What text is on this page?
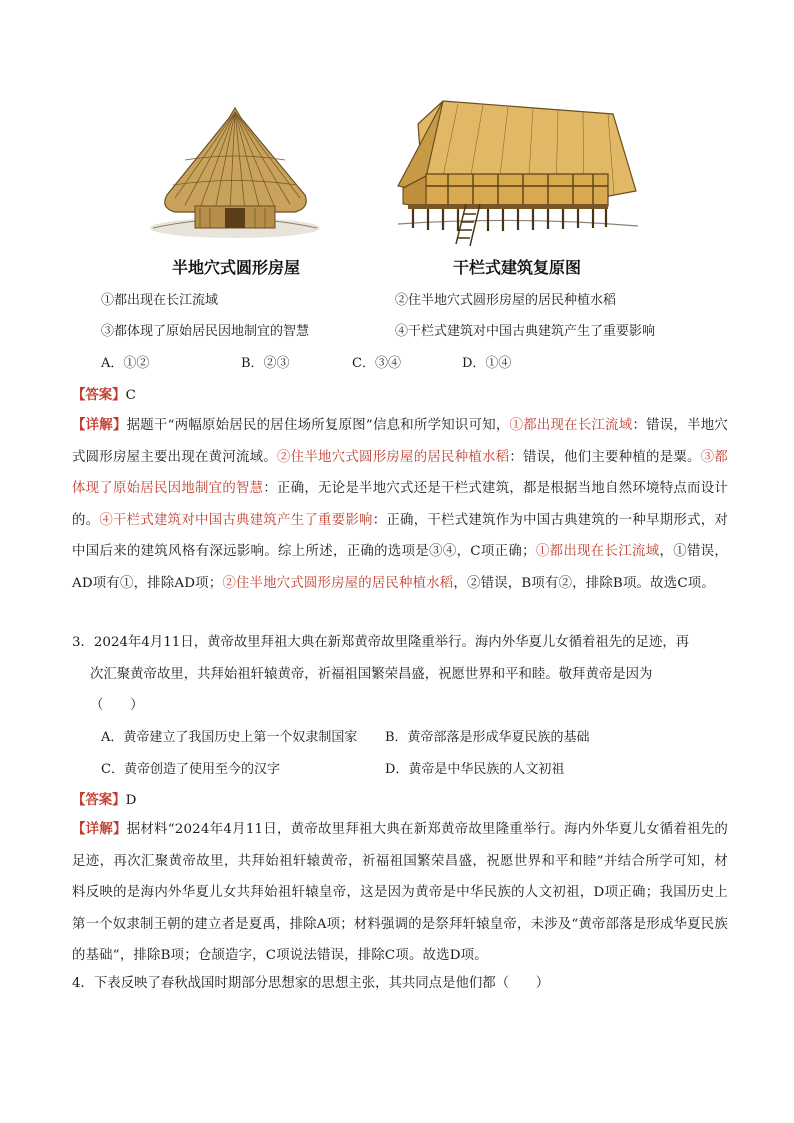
半地穴式圆形房屋	干栏式建筑复原图
①都出现在长江流域	②住半地穴式圆形房屋的居民种植水稻
③都体现了原始居民因地制宜的智慧	④干栏式建筑对中国古典建筑产生了重要影响
A．①②	B．②③	C．③④	D．①④
【答案】C
【详解】据题干“两幅原始居民的居住场所复原图”信息和所学知识可知，①都出现在长江流域：错误，半地穴式圆形房屋主要出现在黄河流域。②住半地穴式圆形房屋的居民种植水稻：错误，他们主要种植的是粟。③都体现了原始居民因地制宜的智慧：正确，无论是半地穴式还是干栏式建筑，都是根据当地自然环境特点而设计的。④干栏式建筑对中国古典建筑产生了重要影响：正确，干栏式建筑作为中国古典建筑的一种早期形式，对中国后来的建筑风格有深远影响。综上所述，正确的选项是③④，C项正确；①都出现在长江流域，①错误，AD项有①，排除AD项；②住半地穴式圆形房屋的居民种植水稻，②错误，B项有②，排除B项。故选C项。
3．2024年4月11日，黄帝故里拜祖大典在新郑黄帝故里隆重举行。海内外华夏儿女循着祖先的足迹，再
次汇聚黄帝故里，共拜始祖轩辕黄帝，祈福祖国繁荣昌盛，祝愿世界和平和睦。敬拜黄帝是因为
（　　）
A．黄帝建立了我国历史上第一个奴隶制国家 B．黄帝部落是形成华夏民族的基础
C．黄帝创造了使用至今的汉字	D．黄帝是中华民族的人文初祖
【答案】D
【详解】据材料“2024年4月11日，黄帝故里拜祖大典在新郑黄帝故里隆重举行。海内外华夏儿女循着祖先的足迹，再次汇聚黄帝故里，共拜始祖轩辕黄帝，祈福祖国繁荣昌盛，祝愿世界和平和睦”并结合所学可知，材料反映的是海内外华夏儿女共拜始祖轩辕皇帝，这是因为黄帝是中华民族的人文初祖，D项正确；我国历史上第一个奴隶制王朝的建立者是夏禹，排除A项；材料强调的是祭拜轩辕皇帝，未涉及“黄帝部落是形成华夏民族的基础”，排除B项；仓颉造字，C项说法错误，排除C项。故选D项。
4．下表反映了春秋战国时期部分思想家的思想主张，其共同点是他们都（　　）
